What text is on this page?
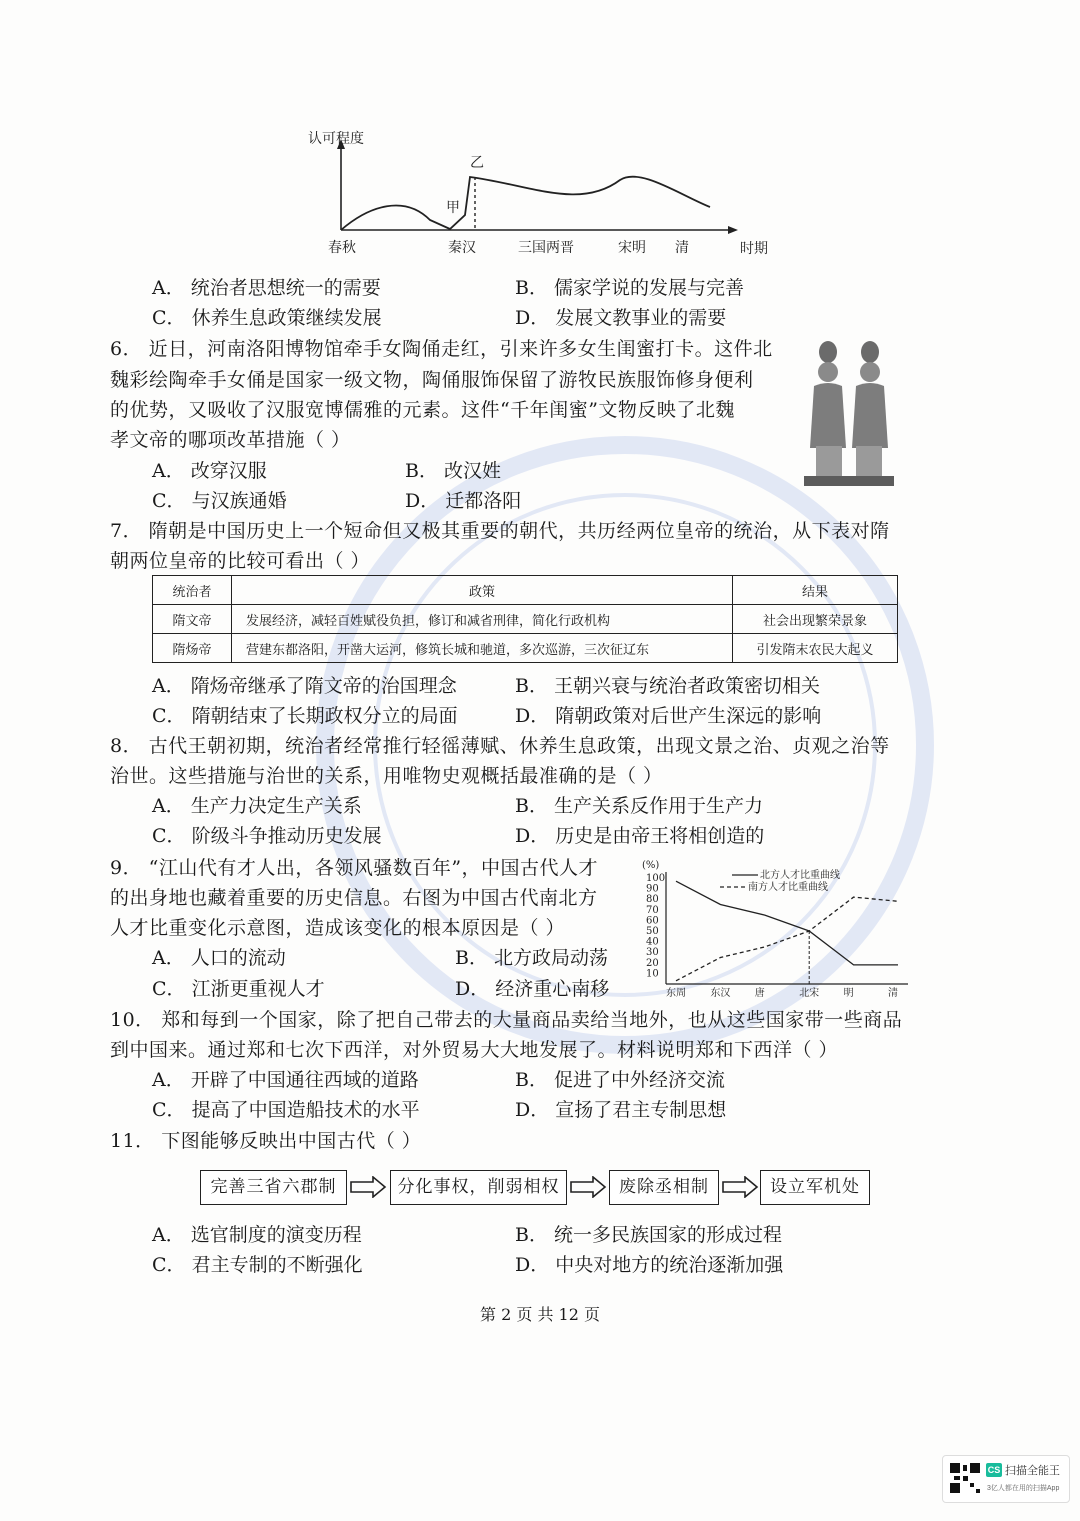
认可程度
乙
甲
春秋	秦汉	三国两晋	宋明 清	时期
A． 统治者思想统一的需要	B． 儒家学说的发展与完善
C． 休养生息政策继续发展	D． 发展文教事业的需要
6． 近日，河南洛阳博物馆牵手女陶俑走红，引来许多女生闺蜜打卡。这件北
魏彩绘陶牵手女俑是国家一级文物，陶俑服饰保留了游牧民族服饰修身便利
的优势，又吸收了汉服宽博儒雅的元素。这件“千年闺蜜”文物反映了北魏
孝文帝的哪项改革措施（ ）
A． 改穿汉服	B． 改汉姓
C． 与汉族通婚	D． 迁都洛阳
7． 隋朝是中国历史上一个短命但又极其重要的朝代，共历经两位皇帝的统治，从下表对隋
朝两位皇帝的比较可看出（ ）
统治者	政策	结果
隋文帝	发展经济，减轻百姓赋役负担，修订和减省刑律，简化行政机构	社会出现繁荣景象
隋炀帝	营建东都洛阳，开凿大运河，修筑长城和驰道，多次巡游，三次征辽东	引发隋末农民大起义
A． 隋炀帝继承了隋文帝的治国理念	B． 王朝兴衰与统治者政策密切相关
C． 隋朝结束了长期政权分立的局面	D． 隋朝政策对后世产生深远的影响
8． 古代王朝初期，统治者经常推行轻徭薄赋、休养生息政策，出现文景之治、贞观之治等
治世。这些措施与治世的关系，用唯物史观概括最准确的是（ ）
A． 生产力决定生产关系	B． 生产关系反作用于生产力
C． 阶级斗争推动历史发展	D． 历史是由帝王将相创造的
9． “江山代有才人出，各领风骚数百年”，中国古代人才
的出身地也藏着重要的历史信息。右图为中国古代南北方
人才比重变化示意图，造成该变化的根本原因是（ ）
A． 人口的流动	B． 北方政局动荡
C． 江浙更重视人才	D． 经济重心南移
(%)
10
20
30
40
50
60
70
80
90
100
东周 东汉 唐	北宋 明	清
北方人才比重曲线
南方人才比重曲线
10． 郑和每到一个国家，除了把自己带去的大量商品卖给当地外，也从这些国家带一些商品
到中国来。通过郑和七次下西洋，对外贸易大大地发展了。材料说明郑和下西洋（ ）
A． 开辟了中国通往西域的道路	B． 促进了中外经济交流
C． 提高了中国造船技术的水平	D． 宣扬了君主专制思想
11． 下图能够反映出中国古代（ ）
完善三省六郡制	分化事权，削弱相权	废除丞相制	设立军机处
A． 选官制度的演变历程	B． 统一多民族国家的形成过程
C． 君主专制的不断强化	D． 中央对地方的统治逐渐加强
第 2 页 共 12 页
CS 扫描全能王
3亿人都在用的扫描App
